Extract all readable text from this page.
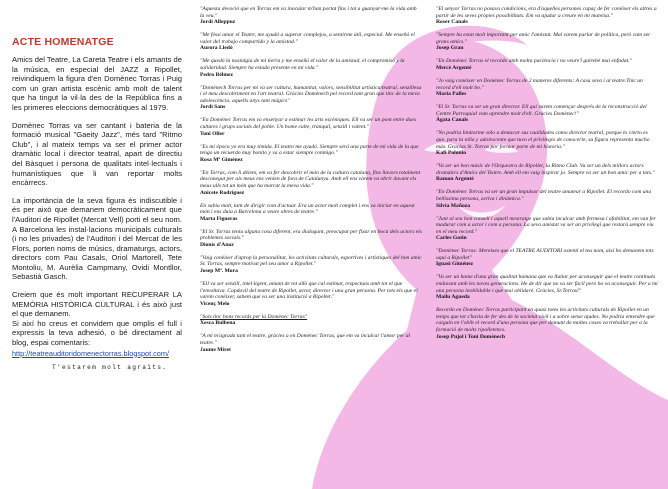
ACTE HOMENATGE

Amics del Teatre, La Careta Teatre i els amants de la música, en especial del JAZZ a Ripollet, reivindiquem la figura d'en Domènec Torras i Puig com un gran artista escènic amb molt de talent que ha tingut la vil·la des de la República fins a les primeres eleccions democràtiques al 1979.

Domènec Torras va ser cantant i bateria de la formació musical "Gaeity Jazz", més tard "Ritmo Club", i al mateix temps va ser el primer actor dramàtic local i director teatral, apart de directiu del Bàsquet i persona de qualitats intel·lectuals i humanístiques que li van reportar molts encàrrecs.

La importància de la seva figura és indiscutible i és per això que demanem democràticament que l'Auditori de Ripollet (Mercat Vell) porti el seu nom. A Barcelona les instal·lacions municipals culturals (i no les privades) de l'Auditori i del Mercat de les Flors, porten noms de músics, dramaturgs, actors, directors com Pau Casals, Oriol Martorell, Tete Montoliu, M. Aurèlia Campmany, Ovidi Montllor, Sebastià Gasch.

Creiem que és molt important RECUPERAR LA MEMÒRIA HISTÒRICA CULTURAL i és això just el que demanem.

Si així ho creus et convidem que omplis el full i expressis la teva adhesió, o bé directament al blog, espai comentaris:

http://teatreauditoridomenectorras.blogspot.com/
T'estarem molt agraïts.
"Aquesta devoció que en Torras em va inocular m'han portat fins i tot a guanyar-me la vida amb la veu."
Jordi Alleppuz
"Me féssi amar el Teatre, me ayudó a superar complejos, a sentirme útil, especial. Me enseñó el valor del trabajo compartido y la amistad."
Aurora Lledó
"Me quedó la nostalgia de mi tierra y me enseñó el valor de la amistad, el compromiso y la solidaridad. Siempre ha estado presente en mi vida."
Pedro Bélmez
"Domènech Torras per mi va ser cultura, humanitat, valors, sensibilitat artística/teatral, senzillesa i el meu descobriment en l'art teatral. Gràcies Domènech pel record tant gran que tinc de la meva adolescència, aquells anys tant màgics"
Jordi Sans
"En Domènec Torras em va ensenyar a estimar les arts escèniques. Ell va ser un pont entre dues cultures i grups socials del poble. Un home culte, tranquil, senzill i valent."
Toni Oller
"Es mi época yo era muy tímida. El teatro me ayudó. Siempre será una parte de mi vida de la que tengo un recuerdo muy bonito y va a estar siempre conmigo."
Rosa Mª Giménez
"En Torras, com li dèiem, em va fer descobrir el món de la cultura catalana, fins llavors totalment desconegut per als meus ens venien de fora de Catalunya. Amb ell ens vàrem va obrir davant els meus ulls tot un món que ha marcat la meva vida."
Anicete Rodriguez
En sabia molt, tant de dirigir com d'actuar. Era un actor molt complet i ens va iniciar en aquest món i ens duia a Barcelona a veure obres de teatre."
Marta Figueras
"El Sr. Torras tenia alguna cosa diferent, era dialogant, preocupat per fixar en boca dels actors els problemes socials."
Dionís d'Anoz
"Vaig conèixer d'aprop la personalitat, les activitats culturals, esportives i artístiques del bon amic Sr. Torras, sempre motivat pel seu amor a Ripollet."
Josep Mª. Mora
"Ell va ser senzill, intel·ligent, amant de tot allò que cal estimar, respectuós amb tot el que l'envoltava. Capdavil del teatre de Ripollet, actor, director i una gran persona. Per tots els que el varem conèixer, sabem que va ser una institució a Ripollet."
Vicenç Melo
"Sols tinc bons records per la Domènec Torras"
Xesca Bulbena
"A mi m'agrada tant el teatre, gràcies a en Domènec Torras, que em va inculcar l'amor per al teatre."
Jaume Miret
"El senyor Torras no posava condicions, era d'aquelles persones capaç de fer conèixer els altres a partir de les seves pròpies possibilitats. Em va ajudar a creure en mi mateixa."
Roser Canals
"Sempre ha estat molt important per amic l'amistat. Mai varem parlar de política, però vam ser grans amics."
Josep Grau
"En Domènec Torras el recordo amb molta paciència i no veure'l gairebé mai enfadat."
Mercè Argenté
"Jo vaig conèixer en Domènec Torras de 2 maneres diferents: A casa seva i al teatre.Tinc un record d'ell molt bo."
Maria Palles
"El Sr. Torras va ser un gran director. Ell qui varem començar després de la reconstrucció del Centre Parroquial vam aprendre molt d'ell. Gràcies Domènec!"
Àgata Canals
"No podria limitarme sólo a destacar sus cualidades como director teatral, porque lo cierto es que, para la niña y adolescente que tuvo el privilegio de conocerle, su figura representa mucho más. Gracias Sr. Torras por formar parte de mi historia."
Kafi Polonio
"Va ser un bon músic de l'Orquestra de Ripollet, la Ritmo Club. Va ser un dels millors actors dramàtics d'Amics del Teatre. Amb ell em vaig inspirar jo. Sempre va ser un bon amic per a tots."
Ramon Argenté
"En Domènec Torras va ser un gran impulsor del teatre amateur a Ripollet. El recordo com una bellíssima persona, activa i dinàmica."
Silvia Mañoza
"Junt al seu bon consell i aquell mestratge que sabia inculcar amb fermesa i afabilitat, em van fer madurar com a actor i com a persona. La seva amistat va ser un privilegi que restarà sempre viu en el meu record."
Carles Gotin
"Domènec Torras: Mereixes que el TEATRE AUDITORI ostenti el teu nom, així ho demanem tots aquí a Ripollet"
Ignasi Giménez
"Va ser un home d'una gran qualitat humana que va lluitar per aconseguir que el teatre continués endavant amb les noves generacions. He de dir que no va ser fàcil però ho va aconseguir. Per a mi una persona inoblidable i que mai oblidaré. Gràcies, Sr.Torras!"
Mailu Agueda
Recordo en Domènec Torras participant en quasi totes les activitats culturals de Ripollet en un temps que tot s'havia de fer des de la societat civil i a sobre sense ajudes. No podria entendre que caiguin en l'oblit el record d'una persona que per damunt de moltes coses va treballar per a la formació de molts ripolletencs.
Josep Pujol i Toni Domènech
